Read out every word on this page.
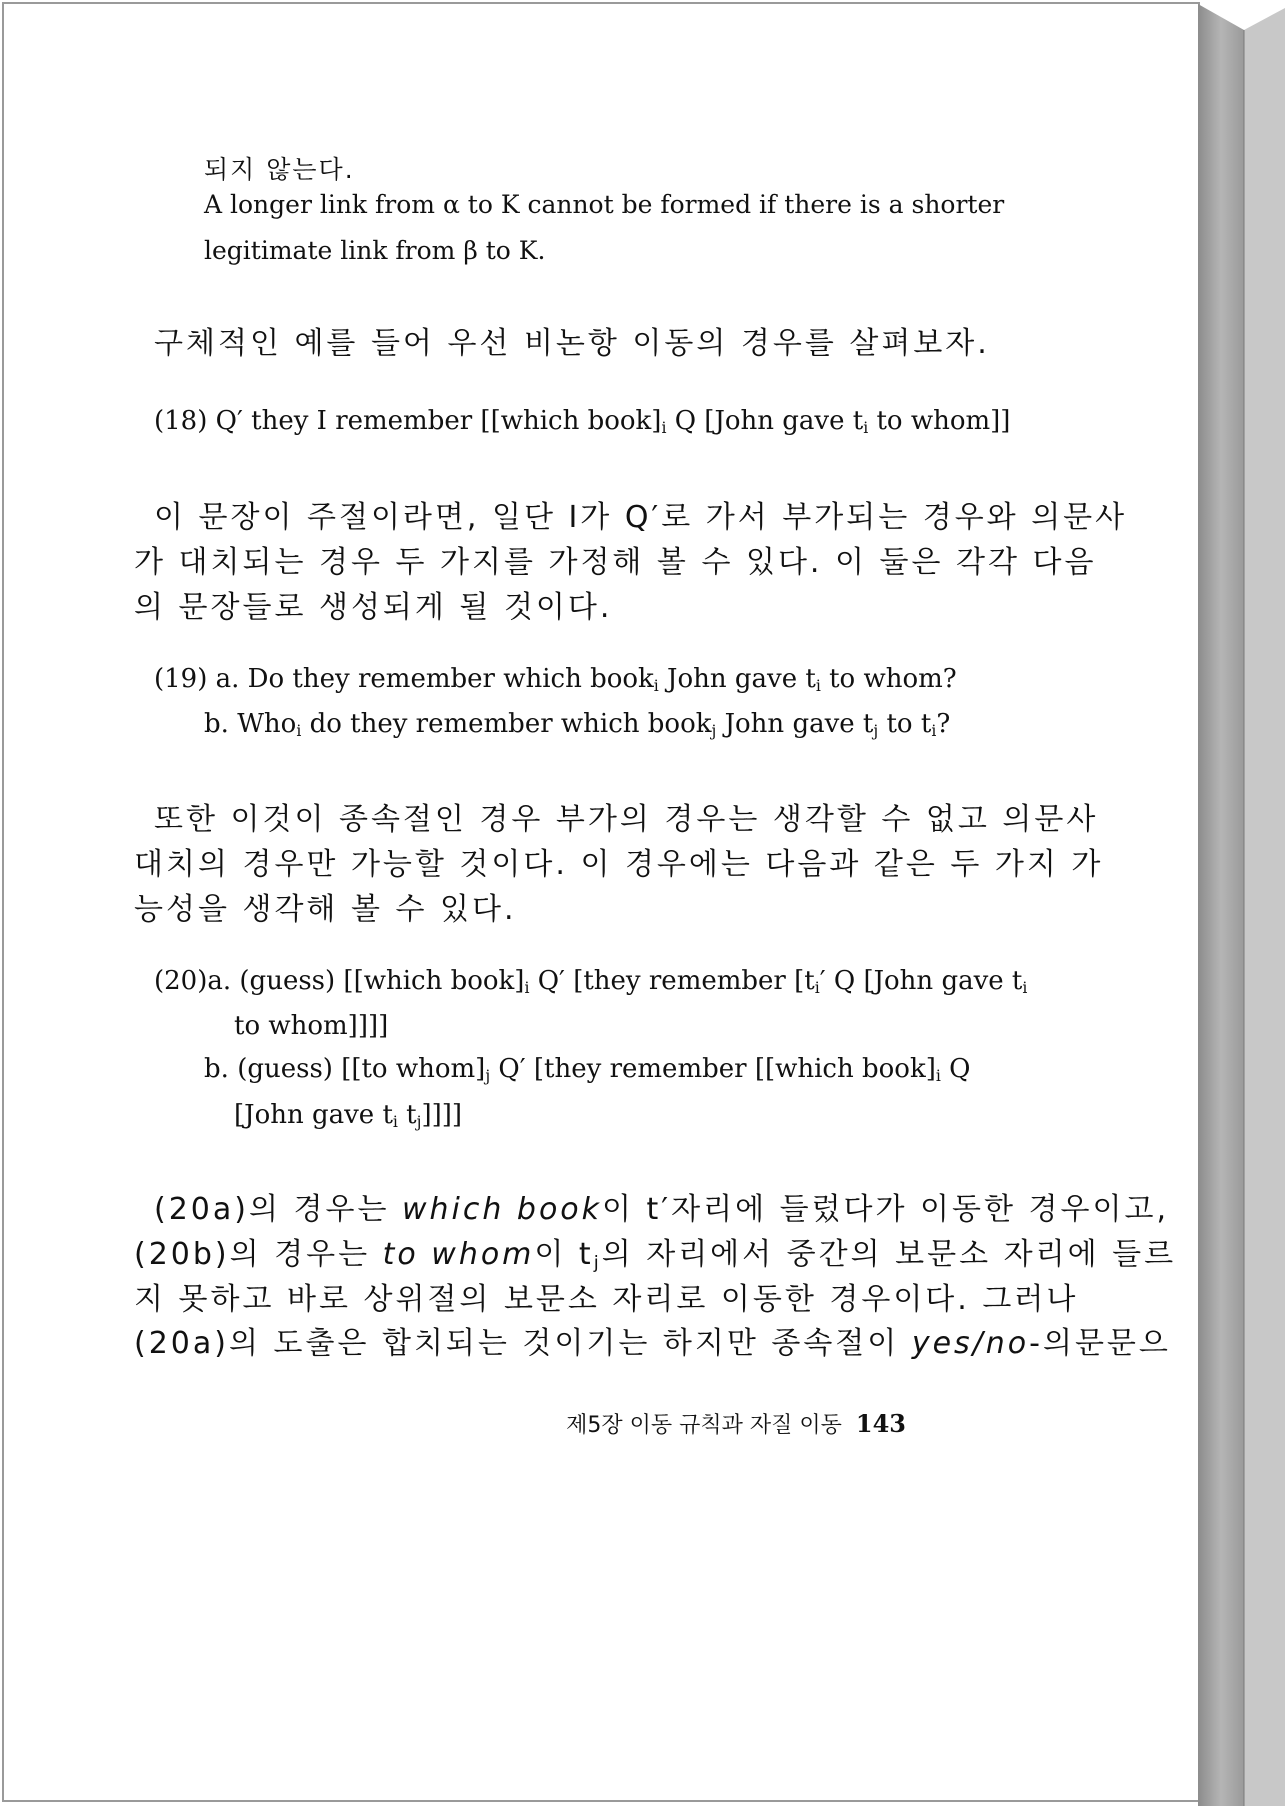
되지 않는다.
A longer link from α to K cannot be formed if there is a shorter
legitimate link from β to K.
구체적인 예를 들어 우선 비논항 이동의 경우를 살펴보자.
(18) Q′ they I remember [[which $book]_i$ Q [John gave $t_i$ to whom]]
이 문장이 주절이라면, 일단 I가 Q′로 가서 부가되는 경우와 의문사
가 대치되는 경우 두 가지를 가정해 볼 수 있다. 이 둘은 각각 다음
의 문장들로 생성되게 될 것이다.
(19) a. Do they remember which book$_i$ John gave $t_i$ to whom?
b. Who$_i$ do they remember which book$_j$ John gave $t_j$ to $t_i$?
또한 이것이 종속절인 경우 부가의 경우는 생각할 수 없고 의문사
대치의 경우만 가능할 것이다. 이 경우에는 다음과 같은 두 가지 가
능성을 생각해 볼 수 있다.
(20)a. (guess) [[which $book]_i$ Q′ [they remember [$t_i'$ Q [John gave $t_i$
to whom]]]]
b. (guess) [[to $whom]_j$ Q′ [they remember [[which $book]_i$ Q
[John gave $t_i$ $t_j$]]]]
(20a)의 경우는 which book이 t′자리에 들렀다가 이동한 경우이고,
(20b)의 경우는 to whom이 $t_j$의 자리에서 중간의 보문소 자리에 들르
지 못하고 바로 상위절의 보문소 자리로 이동한 경우이다. 그러나
(20a)의 도출은 합치되는 것이기는 하지만 종속절이 yes/no-의문문으
제5장 이동 규칙과 자질 이동 143
